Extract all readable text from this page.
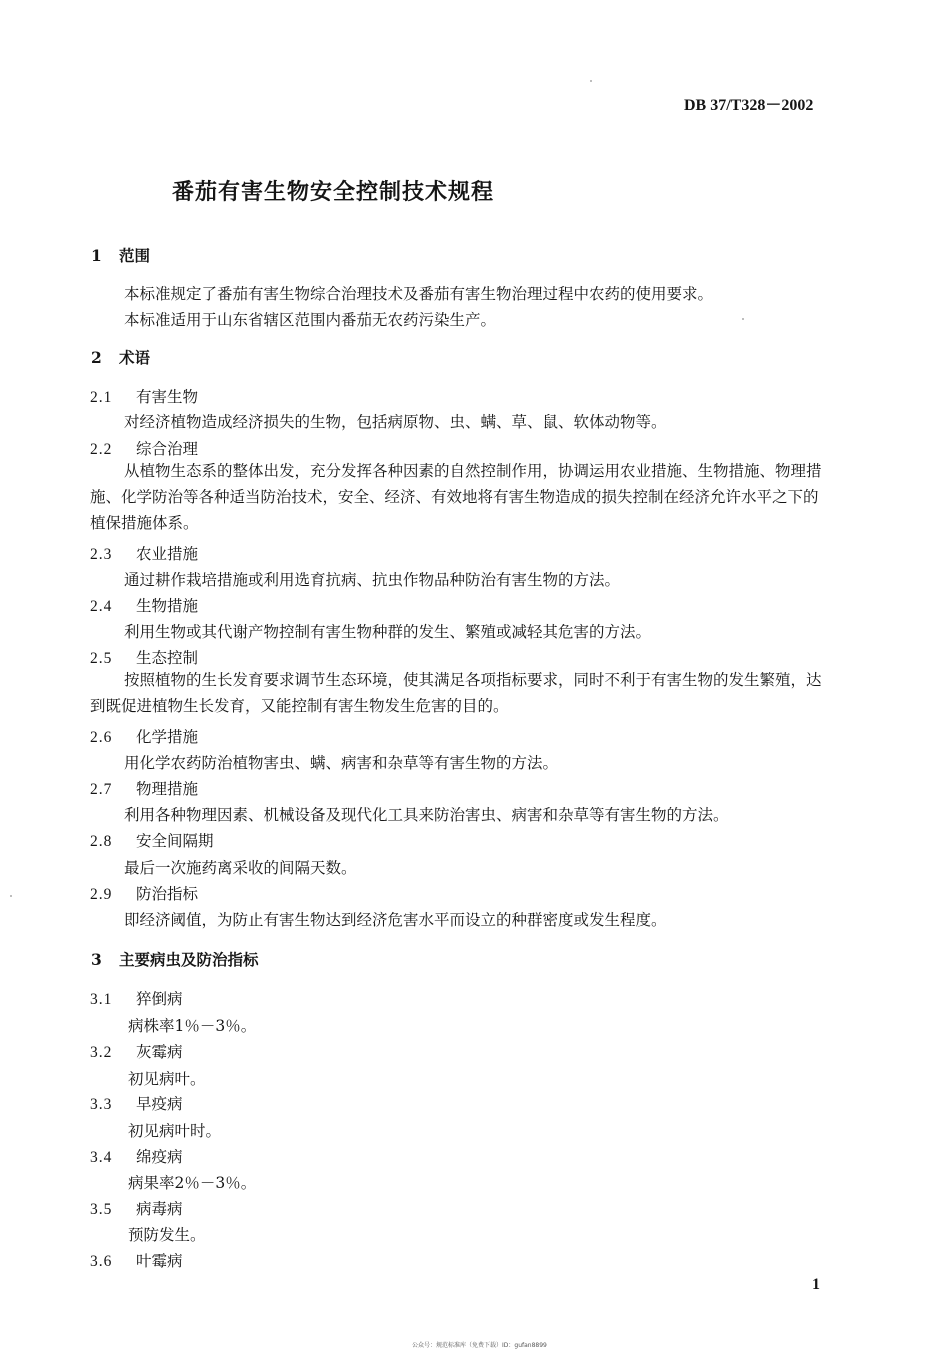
DB 37/T328－2002
番茄有害生物安全控制技术规程
1 范围
本标准规定了番茄有害生物综合治理技术及番茄有害生物治理过程中农药的使用要求。
本标准适用于山东省辖区范围内番茄无农药污染生产。
2 术语
2.1 有害生物
对经济植物造成经济损失的生物，包括病原物、虫、螨、草、鼠、软体动物等。
2.2 综合治理
从植物生态系的整体出发，充分发挥各种因素的自然控制作用，协调运用农业措施、生物措施、物理措施、化学防治等各种适当防治技术，安全、经济、有效地将有害生物造成的损失控制在经济允许水平之下的植保措施体系。
2.3 农业措施
通过耕作栽培措施或利用选育抗病、抗虫作物品种防治有害生物的方法。
2.4 生物措施
利用生物或其代谢产物控制有害生物种群的发生、繁殖或减轻其危害的方法。
2.5 生态控制
按照植物的生长发育要求调节生态环境，使其满足各项指标要求，同时不利于有害生物的发生繁殖，达到既促进植物生长发育，又能控制有害生物发生危害的目的。
2.6 化学措施
用化学农药防治植物害虫、螨、病害和杂草等有害生物的方法。
2.7 物理措施
利用各种物理因素、机械设备及现代化工具来防治害虫、病害和杂草等有害生物的方法。
2.8 安全间隔期
最后一次施药离采收的间隔天数。
2.9 防治指标
即经济阈值，为防止有害生物达到经济危害水平而设立的种群密度或发生程度。
3 主要病虫及防治指标
3.1 猝倒病
病株率1％－3％。
3.2 灰霉病
初见病叶。
3.3 早疫病
初见病叶时。
3.4 绵疫病
病果率2％－3％。
3.5 病毒病
预防发生。
3.6 叶霉病
1
公众号：规范标准库（免费下载）ID：gufan8899
